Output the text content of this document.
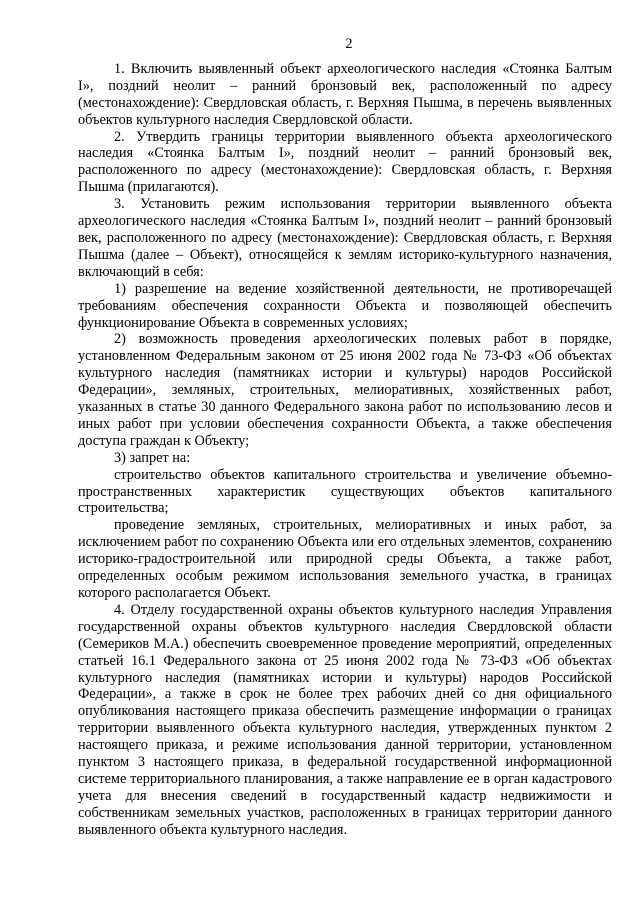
2

1. Включить выявленный объект археологического наследия «Стоянка Балтым I», поздний неолит – ранний бронзовый век, расположенный по адресу (местонахождение): Свердловская область, г. Верхняя Пышма, в перечень выявленных объектов культурного наследия Свердловской области.

2. Утвердить границы территории выявленного объекта археологического наследия «Стоянка Балтым I», поздний неолит – ранний бронзовый век, расположенного по адресу (местонахождение): Свердловская область, г. Верхняя Пышма (прилагаются).

3. Установить режим использования территории выявленного объекта археологического наследия «Стоянка Балтым I», поздний неолит – ранний бронзовый век, расположенного по адресу (местонахождение): Свердловская область, г. Верхняя Пышма (далее – Объект), относящейся к землям историко-культурного назначения, включающий в себя:

1) разрешение на ведение хозяйственной деятельности, не противоречащей требованиям обеспечения сохранности Объекта и позволяющей обеспечить функционирование Объекта в современных условиях;

2) возможность проведения археологических полевых работ в порядке, установленном Федеральным законом от 25 июня 2002 года № 73-ФЗ «Об объектах культурного наследия (памятниках истории и культуры) народов Российской Федерации», земляных, строительных, мелиоративных, хозяйственных работ, указанных в статье 30 данного Федерального закона работ по использованию лесов и иных работ при условии обеспечения сохранности Объекта, а также обеспечения доступа граждан к Объекту;

3) запрет на:

строительство объектов капитального строительства и увеличение объемно-пространственных характеристик существующих объектов капитального строительства;

проведение земляных, строительных, мелиоративных и иных работ, за исключением работ по сохранению Объекта или его отдельных элементов, сохранению историко-градостроительной или природной среды Объекта, а также работ, определенных особым режимом использования земельного участка, в границах которого располагается Объект.

4. Отделу государственной охраны объектов культурного наследия Управления государственной охраны объектов культурного наследия Свердловской области (Семериков М.А.) обеспечить своевременное проведение мероприятий, определенных статьей 16.1 Федерального закона от 25 июня 2002 года № 73-ФЗ «Об объектах культурного наследия (памятниках истории и культуры) народов Российской Федерации», а также в срок не более трех рабочих дней со дня официального опубликования настоящего приказа обеспечить размещение информации о границах территории выявленного объекта культурного наследия, утвержденных пунктом 2 настоящего приказа, и режиме использования данной территории, установленном пунктом 3 настоящего приказа, в федеральной государственной информационной системе территориального планирования, а также направление ее в орган кадастрового учета для внесения сведений в государственный кадастр недвижимости и собственникам земельных участков, расположенных в границах территории данного выявленного объекта культурного наследия.
